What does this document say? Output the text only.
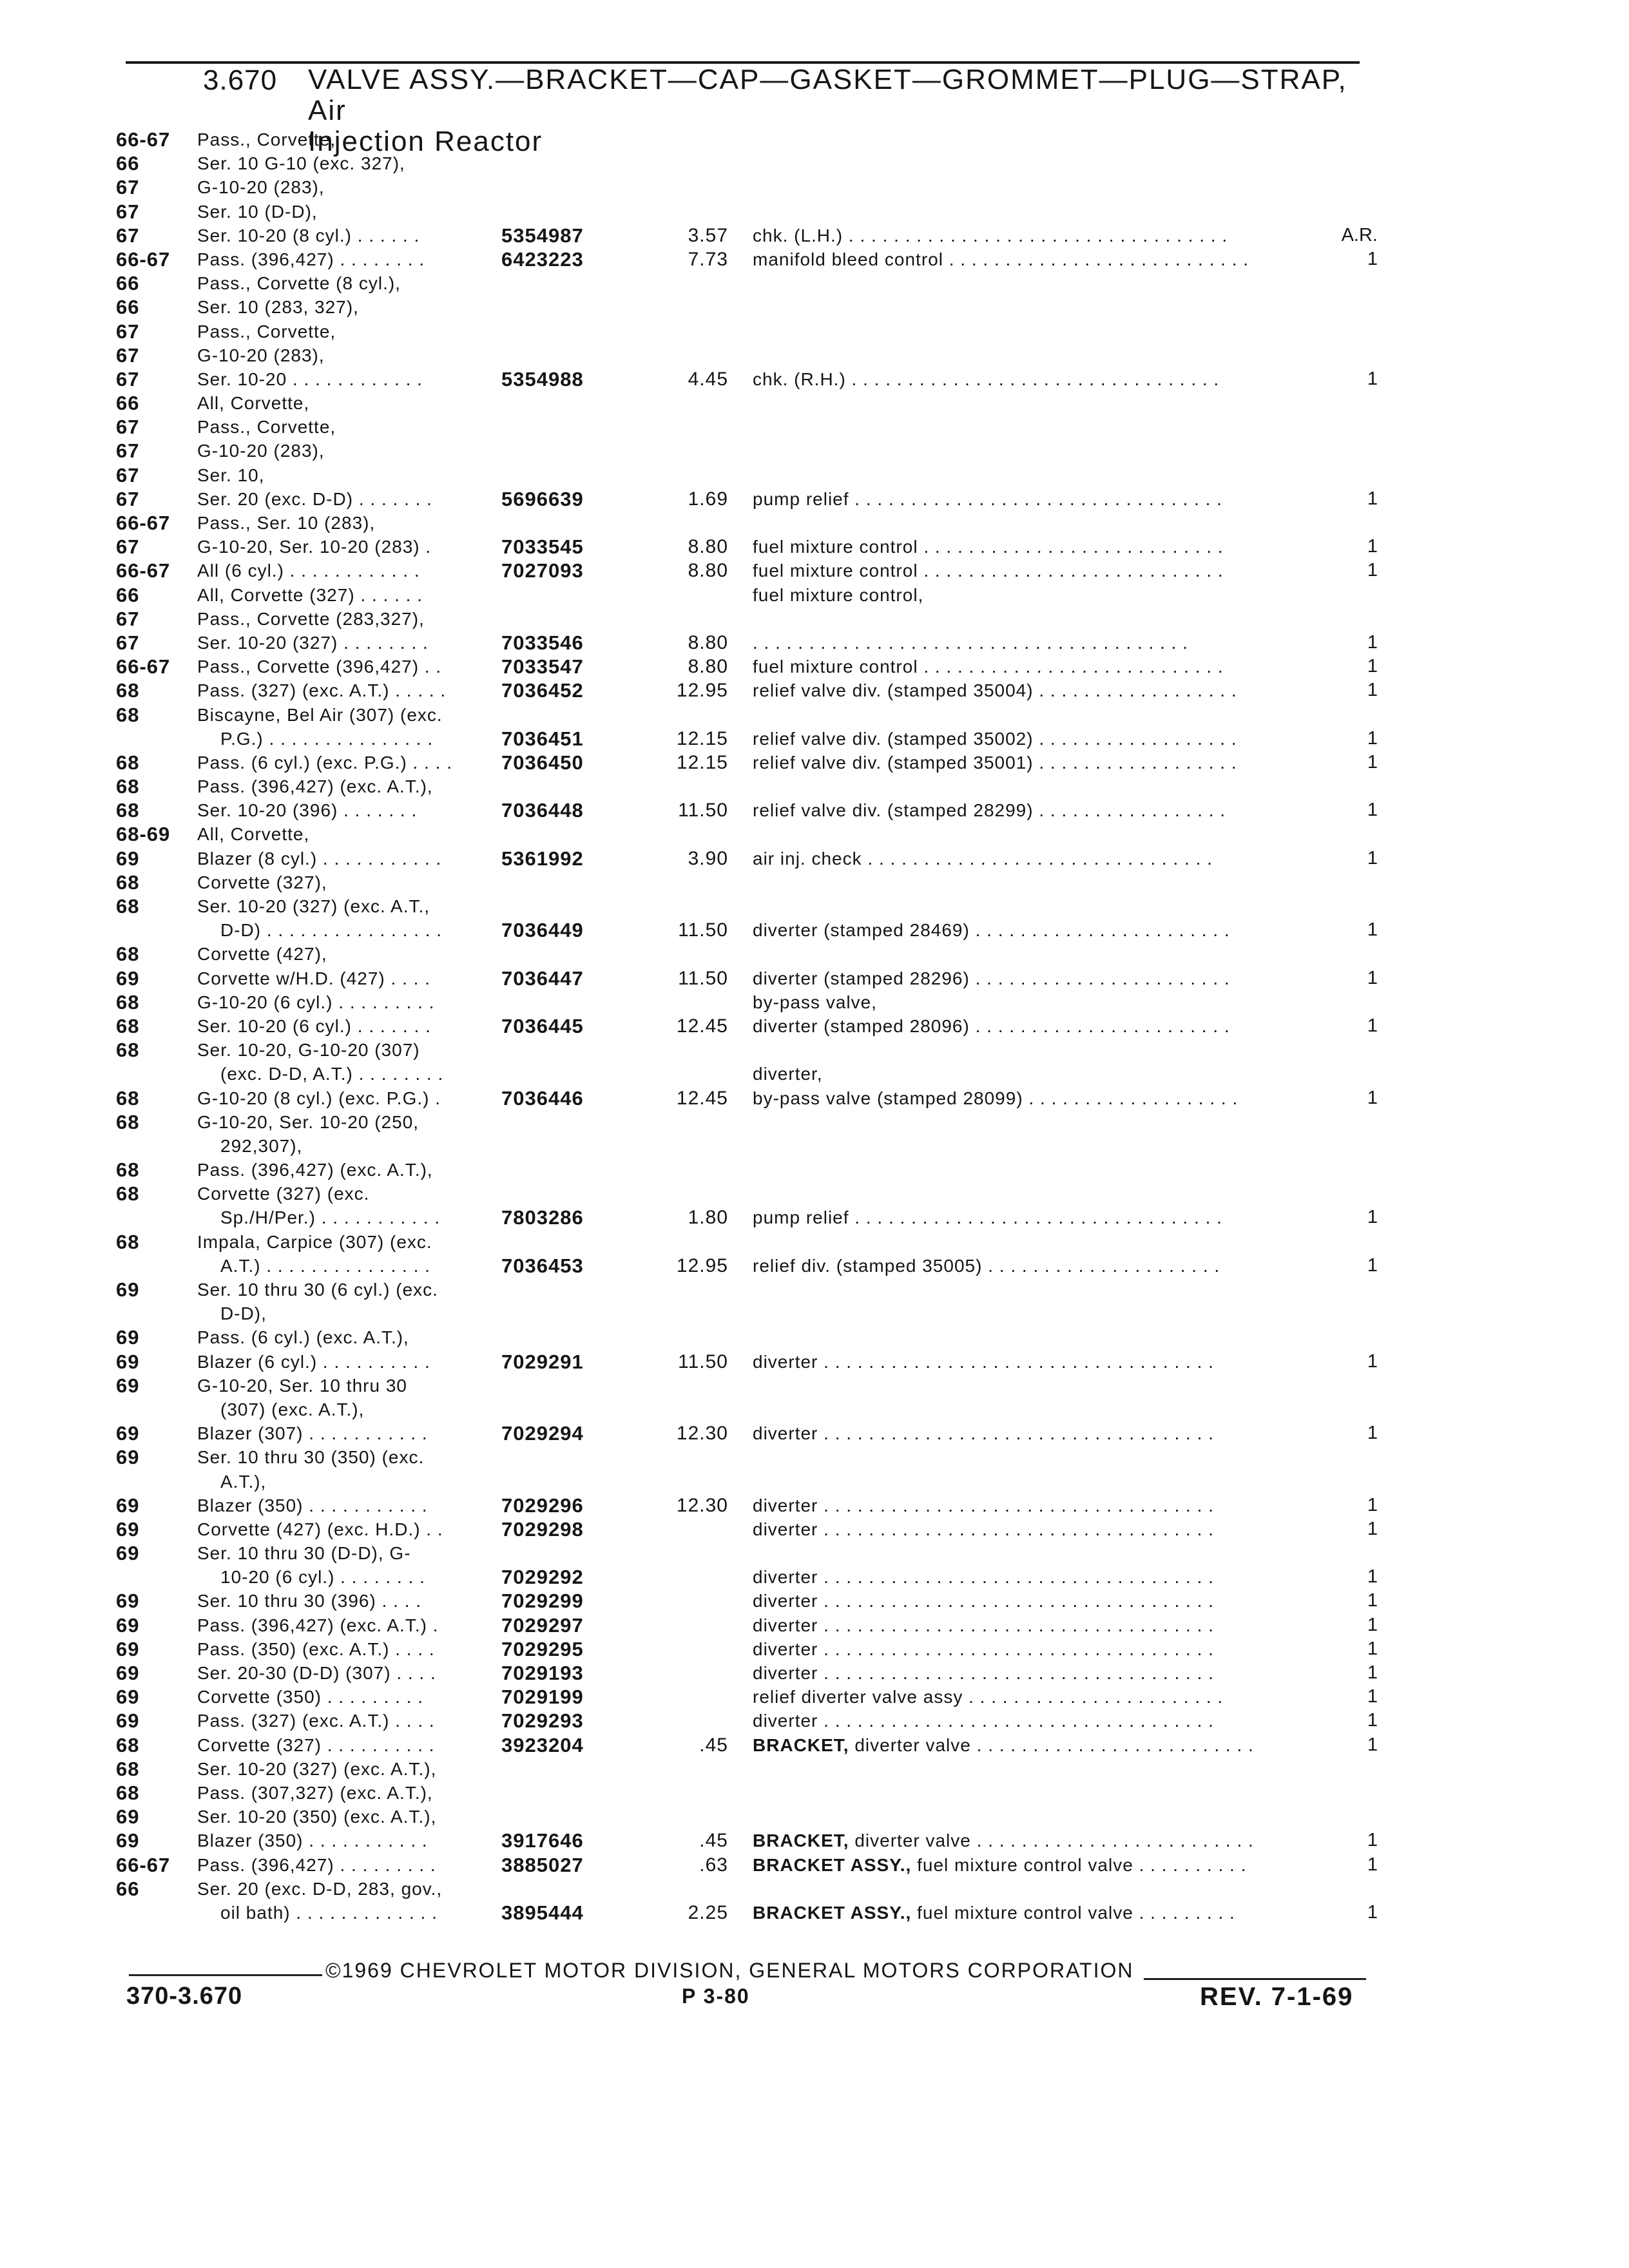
3.670 VALVE ASSY.—BRACKET—CAP—GASKET—GROMMET—PLUG—STRAP, Air
Injection Reactor
66-67 Pass., Corvette,
66	Ser. 10 G-10 (exc. 327),
67	G-10-20 (283),
67	Ser. 10 (D-D),
67	Ser. 10-20 (8 cyl.) . . . . . .	5354987	3.57 chk. (L.H.) . . . . . . . . . . . . . . . . . . . . . . . . . . . . . . . . . .	A.R.
66-67 Pass. (396,427) . . . . . . . .	6423223	7.73 manifold bleed control . . . . . . . . . . . . . . . . . . . . . . . . . . .	1
66	Pass., Corvette (8 cyl.),
66	Ser. 10 (283, 327),
67	Pass., Corvette,
67	G-10-20 (283),
67	Ser. 10-20 . . . . . . . . . . . .	5354988	4.45 chk. (R.H.) . . . . . . . . . . . . . . . . . . . . . . . . . . . . . . . . .	1
66	All, Corvette,
67	Pass., Corvette,
67	G-10-20 (283),
67	Ser. 10,
67	Ser. 20 (exc. D-D) . . . . . . .	5696639	1.69 pump relief . . . . . . . . . . . . . . . . . . . . . . . . . . . . . . . . .	1
66-67 Pass., Ser. 10 (283),
67	G-10-20, Ser. 10-20 (283) .	7033545	8.80 fuel mixture control . . . . . . . . . . . . . . . . . . . . . . . . . . .	1
66-67 All (6 cyl.) . . . . . . . . . . . .	7027093	8.80 fuel mixture control . . . . . . . . . . . . . . . . . . . . . . . . . . .	1
66	All, Corvette (327) . . . . . .	fuel mixture control,
67	Pass., Corvette (283,327),
67	Ser. 10-20 (327) . . . . . . . .	7033546	8.80 . . . . . . . . . . . . . . . . . . . . . . . . . . . . . . . . . . . . . . .	1
66-67 Pass., Corvette (396,427) . .	7033547	8.80 fuel mixture control . . . . . . . . . . . . . . . . . . . . . . . . . . .	1
68	Pass. (327) (exc. A.T.) . . . . .	7036452	12.95 relief valve div. (stamped 35004) . . . . . . . . . . . . . . . . . .	1
68	Biscayne, Bel Air (307) (exc.
P.G.) . . . . . . . . . . . . . . .	7036451	12.15 relief valve div. (stamped 35002) . . . . . . . . . . . . . . . . . .	1
68	Pass. (6 cyl.) (exc. P.G.) . . . . 7036450	12.15 relief valve div. (stamped 35001) . . . . . . . . . . . . . . . . . .	1
68	Pass. (396,427) (exc. A.T.),
68	Ser. 10-20 (396) . . . . . . .	7036448	11.50 relief valve div. (stamped 28299) . . . . . . . . . . . . . . . . .	1
68-69 All, Corvette,
69	Blazer (8 cyl.) . . . . . . . . . . .	5361992	3.90 air inj. check . . . . . . . . . . . . . . . . . . . . . . . . . . . . . . .	1
68	Corvette (327),
68	Ser. 10-20 (327) (exc. A.T.,
D-D) . . . . . . . . . . . . . . . .	7036449	11.50 diverter (stamped 28469) . . . . . . . . . . . . . . . . . . . . . . .	1
68	Corvette (427),
69	Corvette w/H.D. (427) . . . .	7036447	11.50 diverter (stamped 28296) . . . . . . . . . . . . . . . . . . . . . . .	1
68	G-10-20 (6 cyl.) . . . . . . . . .	by-pass valve,
68	Ser. 10-20 (6 cyl.) . . . . . . .	7036445	12.45 diverter (stamped 28096) . . . . . . . . . . . . . . . . . . . . . . .	1
68	Ser. 10-20, G-10-20 (307)
(exc. D-D, A.T.) . . . . . . . .	diverter,
68	G-10-20 (8 cyl.) (exc. P.G.) .	7036446	12.45 by-pass valve (stamped 28099) . . . . . . . . . . . . . . . . . . .	1
68	G-10-20, Ser. 10-20 (250,
292,307),
68	Pass. (396,427) (exc. A.T.),
68	Corvette (327) (exc.
Sp./H/Per.) . . . . . . . . . . .	7803286	1.80 pump relief . . . . . . . . . . . . . . . . . . . . . . . . . . . . . . . . .	1
68	Impala, Carpice (307) (exc.
A.T.) . . . . . . . . . . . . . . .	7036453	12.95 relief div. (stamped 35005) . . . . . . . . . . . . . . . . . . . . .	1
69	Ser. 10 thru 30 (6 cyl.) (exc.
D-D),
69	Pass. (6 cyl.) (exc. A.T.),
69	Blazer (6 cyl.) . . . . . . . . . .	7029291	11.50 diverter . . . . . . . . . . . . . . . . . . . . . . . . . . . . . . . . . . .	1
69	G-10-20, Ser. 10 thru 30
(307) (exc. A.T.),
69	Blazer (307) . . . . . . . . . . .	7029294	12.30 diverter . . . . . . . . . . . . . . . . . . . . . . . . . . . . . . . . . . .	1
69	Ser. 10 thru 30 (350) (exc.
A.T.),
69	Blazer (350) . . . . . . . . . . .	7029296	12.30 diverter . . . . . . . . . . . . . . . . . . . . . . . . . . . . . . . . . . .	1
69	Corvette (427) (exc. H.D.) . .	7029298	diverter . . . . . . . . . . . . . . . . . . . . . . . . . . . . . . . . . . .	1
69	Ser. 10 thru 30 (D-D), G-
10-20 (6 cyl.) . . . . . . . .	7029292	diverter . . . . . . . . . . . . . . . . . . . . . . . . . . . . . . . . . . .	1
69	Ser. 10 thru 30 (396) . . . .	7029299	diverter . . . . . . . . . . . . . . . . . . . . . . . . . . . . . . . . . . .	1
69	Pass. (396,427) (exc. A.T.) .	7029297	diverter . . . . . . . . . . . . . . . . . . . . . . . . . . . . . . . . . . .	1
69	Pass. (350) (exc. A.T.) . . . .	7029295	diverter . . . . . . . . . . . . . . . . . . . . . . . . . . . . . . . . . . .	1
69	Ser. 20-30 (D-D) (307) . . . .	7029193	diverter . . . . . . . . . . . . . . . . . . . . . . . . . . . . . . . . . . .	1
69	Corvette (350) . . . . . . . . .	7029199	relief diverter valve assy . . . . . . . . . . . . . . . . . . . . . . .	1
69	Pass. (327) (exc. A.T.) . . . .	7029293	diverter . . . . . . . . . . . . . . . . . . . . . . . . . . . . . . . . . . .	1
68	Corvette (327) . . . . . . . . . .	3923204	.45 BRACKET, diverter valve . . . . . . . . . . . . . . . . . . . . . . . . .	1
68	Ser. 10-20 (327) (exc. A.T.),
68	Pass. (307,327) (exc. A.T.),
69	Ser. 10-20 (350) (exc. A.T.),
69	Blazer (350) . . . . . . . . . . .	3917646	.45 BRACKET, diverter valve . . . . . . . . . . . . . . . . . . . . . . . . .	1
66-67 Pass. (396,427) . . . . . . . . .	3885027	.63 BRACKET ASSY., fuel mixture control valve . . . . . . . . . .	1
66	Ser. 20 (exc. D-D, 283, gov.,
oil bath) . . . . . . . . . . . . .	3895444	2.25 BRACKET ASSY., fuel mixture control valve . . . . . . . . .	1
©1969 CHEVROLET MOTOR DIVISION, GENERAL MOTORS CORPORATION
370-3.670	P 3-80	REV. 7-1-69
